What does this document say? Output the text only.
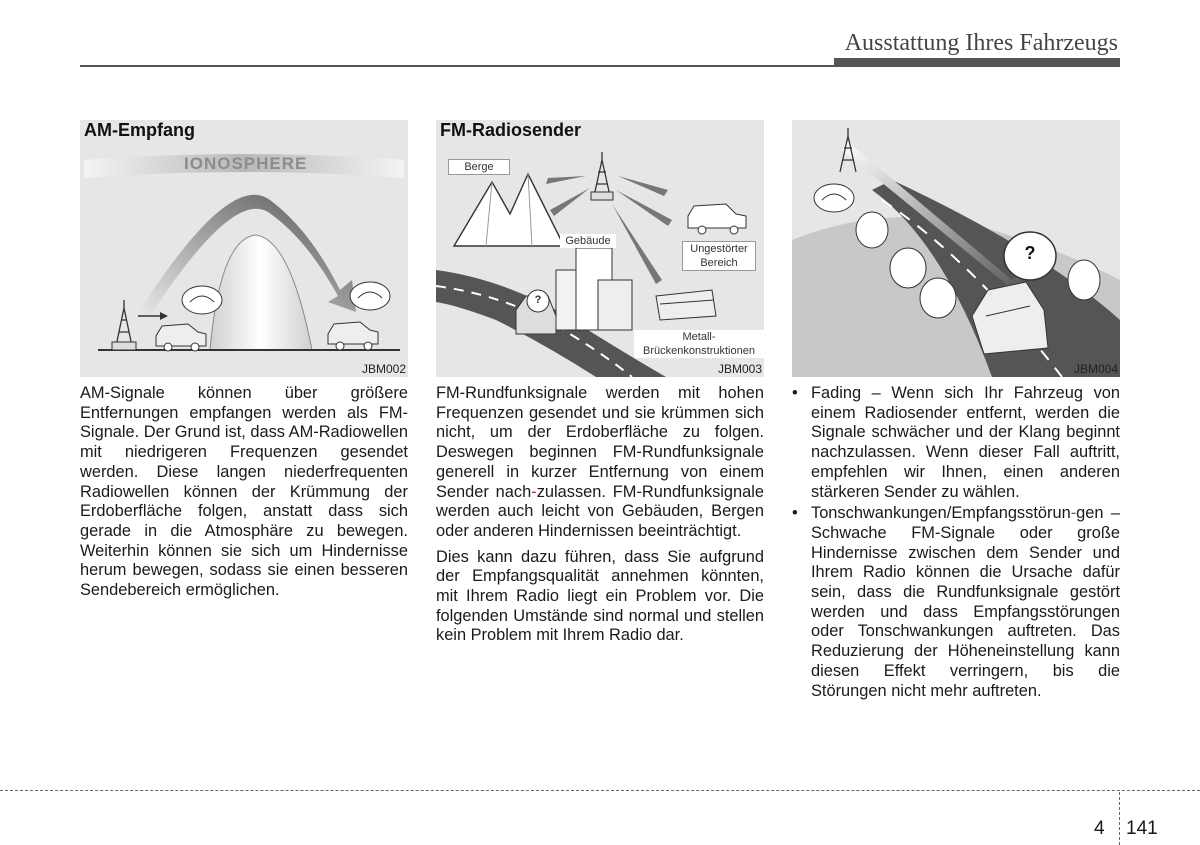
Ausstattung Ihres Fahrzeugs
AM-Empfang
IONOSPHERE
JBM002
FM-Radiosender
Berge
Gebäude
Ungestörter
Bereich
Metall-
Brückenkonstruktionen
?
JBM003
?
JBM004

AM-Signale können über größere Entfernungen empfangen werden als FM-Signale. Der Grund ist, dass AM-Radiowellen mit niedrigeren Frequenzen gesendet werden. Diese langen niederfrequenten Radiowellen können der Krümmung der Erdoberfläche folgen, anstatt dass sich gerade in die Atmosphäre zu bewegen. Weiterhin können sie sich um Hindernisse herum bewegen, sodass sie einen besseren Sendebereich ermöglichen.

FM-Rundfunksignale werden mit hohen Frequenzen gesendet und sie krümmen sich nicht, um der Erdoberfläche zu folgen. Deswegen beginnen FM-Rundfunksignale generell in kurzer Entfernung von einem Sender nach-zulassen. FM-Rundfunksignale werden auch leicht von Gebäuden, Bergen oder anderen Hindernissen beeinträchtigt.

Dies kann dazu führen, dass Sie aufgrund der Empfangsqualität annehmen könnten, mit Ihrem Radio liegt ein Problem vor. Die folgenden Umstände sind normal und stellen kein Problem mit Ihrem Radio dar.

• Fading – Wenn sich Ihr Fahrzeug von einem Radiosender entfernt, werden die Signale schwächer und der Klang beginnt nachzulassen. Wenn dieser Fall auftritt, empfehlen wir Ihnen, einen anderen stärkeren Sender zu wählen.
• Tonschwankungen/Empfangsstörun-gen – Schwache FM-Signale oder große Hindernisse zwischen dem Sender und Ihrem Radio können die Ursache dafür sein, dass die Rundfunksignale gestört werden und dass Empfangsstörungen oder Tonschwankungen auftreten. Das Reduzierung der Höheneinstellung kann diesen Effekt verringern, bis die Störungen nicht mehr auftreten.
4 141
